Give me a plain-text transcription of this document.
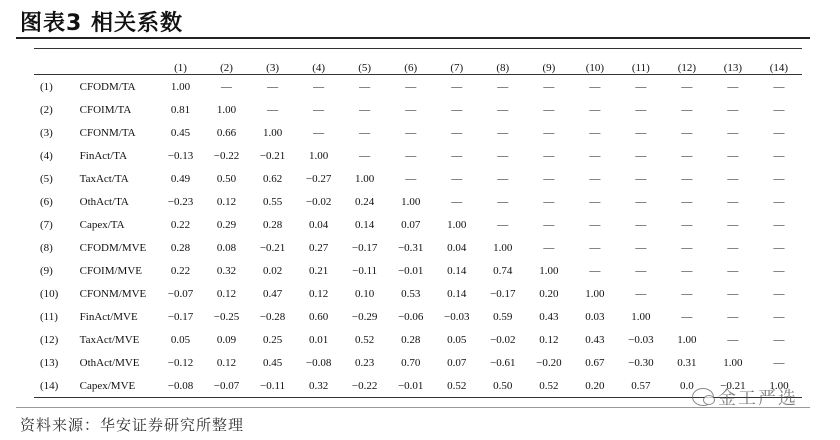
图表3 相关系数
		(1)	(2)	(3)	(4)	(5)	(6)	(7)	(8)	(9)	(10)	(11)	(12)	(13)	(14)
(1)	CFODM/TA	1.00	—	—	—	—	—	—	—	—	—	—	—	—	—
(2)	CFOIM/TA	0.81	1.00	—	—	—	—	—	—	—	—	—	—	—	—
(3)	CFONM/TA	0.45	0.66	1.00	—	—	—	—	—	—	—	—	—	—	—
(4)	FinAct/TA	−0.13	−0.22	−0.21	1.00	—	—	—	—	—	—	—	—	—	—
(5)	TaxAct/TA	0.49	0.50	0.62	−0.27	1.00	—	—	—	—	—	—	—	—	—
(6)	OthAct/TA	−0.23	0.12	0.55	−0.02	0.24	1.00	—	—	—	—	—	—	—	—
(7)	Capex/TA	0.22	0.29	0.28	0.04	0.14	0.07	1.00	—	—	—	—	—	—	—
(8)	CFODM/MVE	0.28	0.08	−0.21	0.27	−0.17	−0.31	0.04	1.00	—	—	—	—	—	—
(9)	CFOIM/MVE	0.22	0.32	0.02	0.21	−0.11	−0.01	0.14	0.74	1.00	—	—	—	—	—
(10)	CFONM/MVE	−0.07	0.12	0.47	0.12	0.10	0.53	0.14	−0.17	0.20	1.00	—	—	—	—
(11)	FinAct/MVE	−0.17	−0.25	−0.28	0.60	−0.29	−0.06	−0.03	0.59	0.43	0.03	1.00	—	—	—
(12)	TaxAct/MVE	0.05	0.09	0.25	0.01	0.52	0.28	0.05	−0.02	0.12	0.43	−0.03	1.00	—	—
(13)	OthAct/MVE	−0.12	0.12	0.45	−0.08	0.23	0.70	0.07	−0.61	−0.20	0.67	−0.30	0.31	1.00	—
(14)	Capex/MVE	−0.08	−0.07	−0.11	0.32	−0.22	−0.01	0.52	0.50	0.52	0.20	0.57	0.0	−0.21	1.00
资料来源：华安证券研究所整理
金工严选
